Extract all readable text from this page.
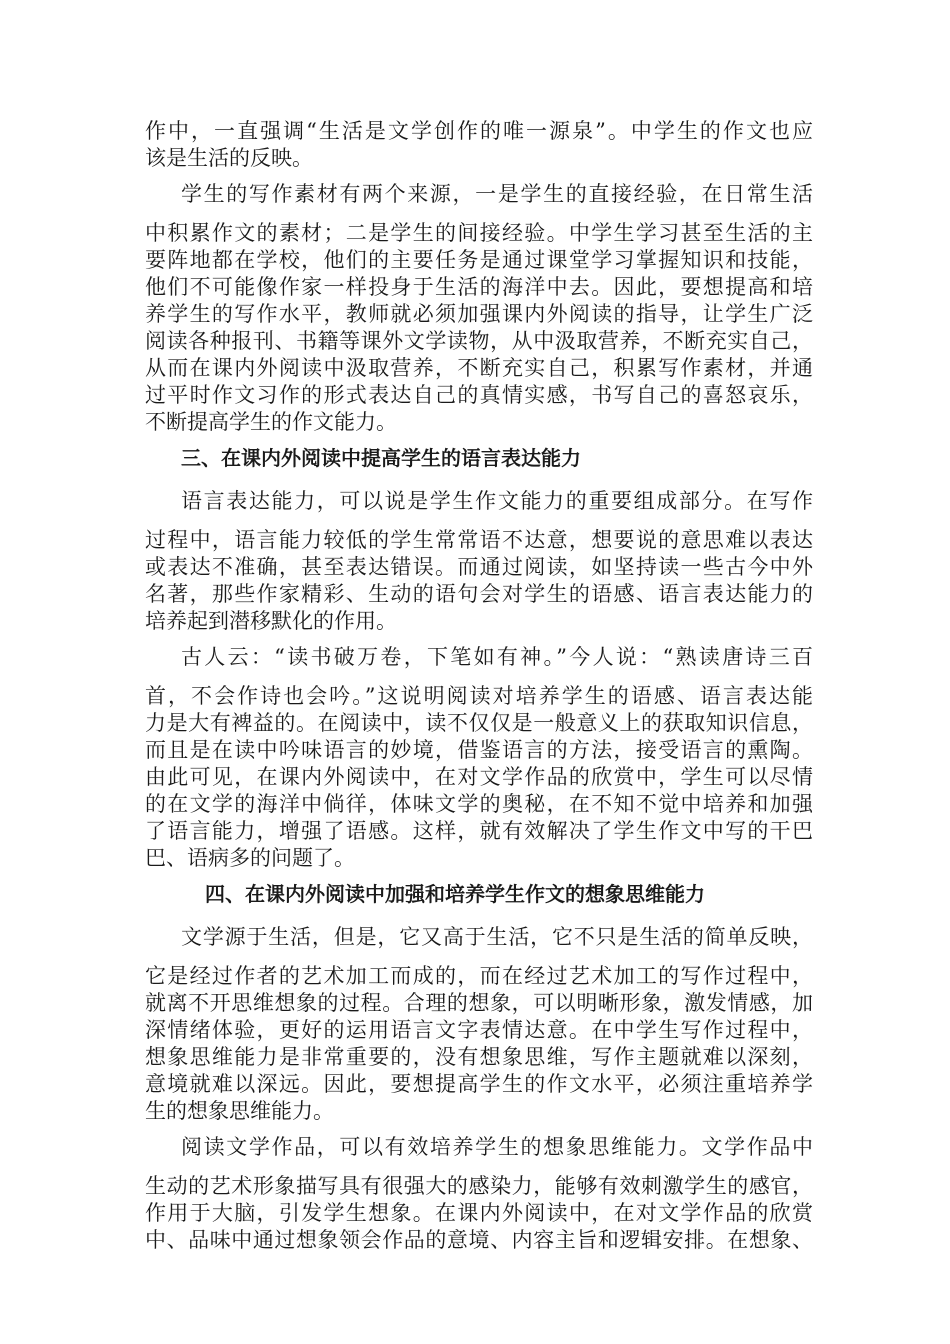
作中，一直强调“生活是文学创作的唯一源泉”。中学生的作文也应
该是生活的反映。
学生的写作素材有两个来源，一是学生的直接经验，在日常生活
中积累作文的素材；二是学生的间接经验。中学生学习甚至生活的主
要阵地都在学校，他们的主要任务是通过课堂学习掌握知识和技能，
他们不可能像作家一样投身于生活的海洋中去。因此，要想提高和培
养学生的写作水平，教师就必须加强课内外阅读的指导，让学生广泛
阅读各种报刊、书籍等课外文学读物，从中汲取营养，不断充实自己，
从而在课内外阅读中汲取营养，不断充实自己，积累写作素材，并通
过平时作文习作的形式表达自己的真情实感，书写自己的喜怒哀乐，
不断提高学生的作文能力。
三、在课内外阅读中提高学生的语言表达能力
语言表达能力，可以说是学生作文能力的重要组成部分。在写作
过程中，语言能力较低的学生常常语不达意，想要说的意思难以表达
或表达不准确，甚至表达错误。而通过阅读，如坚持读一些古今中外
名著，那些作家精彩、生动的语句会对学生的语感、语言表达能力的
培养起到潜移默化的作用。
古人云：“读书破万卷，下笔如有神。”今人说：“熟读唐诗三百
首，不会作诗也会吟。”这说明阅读对培养学生的语感、语言表达能
力是大有裨益的。在阅读中，读不仅仅是一般意义上的获取知识信息，
而且是在读中吟味语言的妙境，借鉴语言的方法，接受语言的熏陶。
由此可见，在课内外阅读中，在对文学作品的欣赏中，学生可以尽情
的在文学的海洋中倘徉，体味文学的奥秘，在不知不觉中培养和加强
了语言能力，增强了语感。这样，就有效解决了学生作文中写的干巴
巴、语病多的问题了。
四、在课内外阅读中加强和培养学生作文的想象思维能力
文学源于生活，但是，它又高于生活，它不只是生活的简单反映，
它是经过作者的艺术加工而成的，而在经过艺术加工的写作过程中，
就离不开思维想象的过程。合理的想象，可以明晰形象，激发情感，加
深情绪体验，更好的运用语言文字表情达意。在中学生写作过程中，
想象思维能力是非常重要的，没有想象思维，写作主题就难以深刻，
意境就难以深远。因此，要想提高学生的作文水平，必须注重培养学
生的想象思维能力。
阅读文学作品，可以有效培养学生的想象思维能力。文学作品中
生动的艺术形象描写具有很强大的感染力，能够有效刺激学生的感官，
作用于大脑，引发学生想象。在课内外阅读中，在对文学作品的欣赏
中、品味中通过想象领会作品的意境、内容主旨和逻辑安排。在想象、
